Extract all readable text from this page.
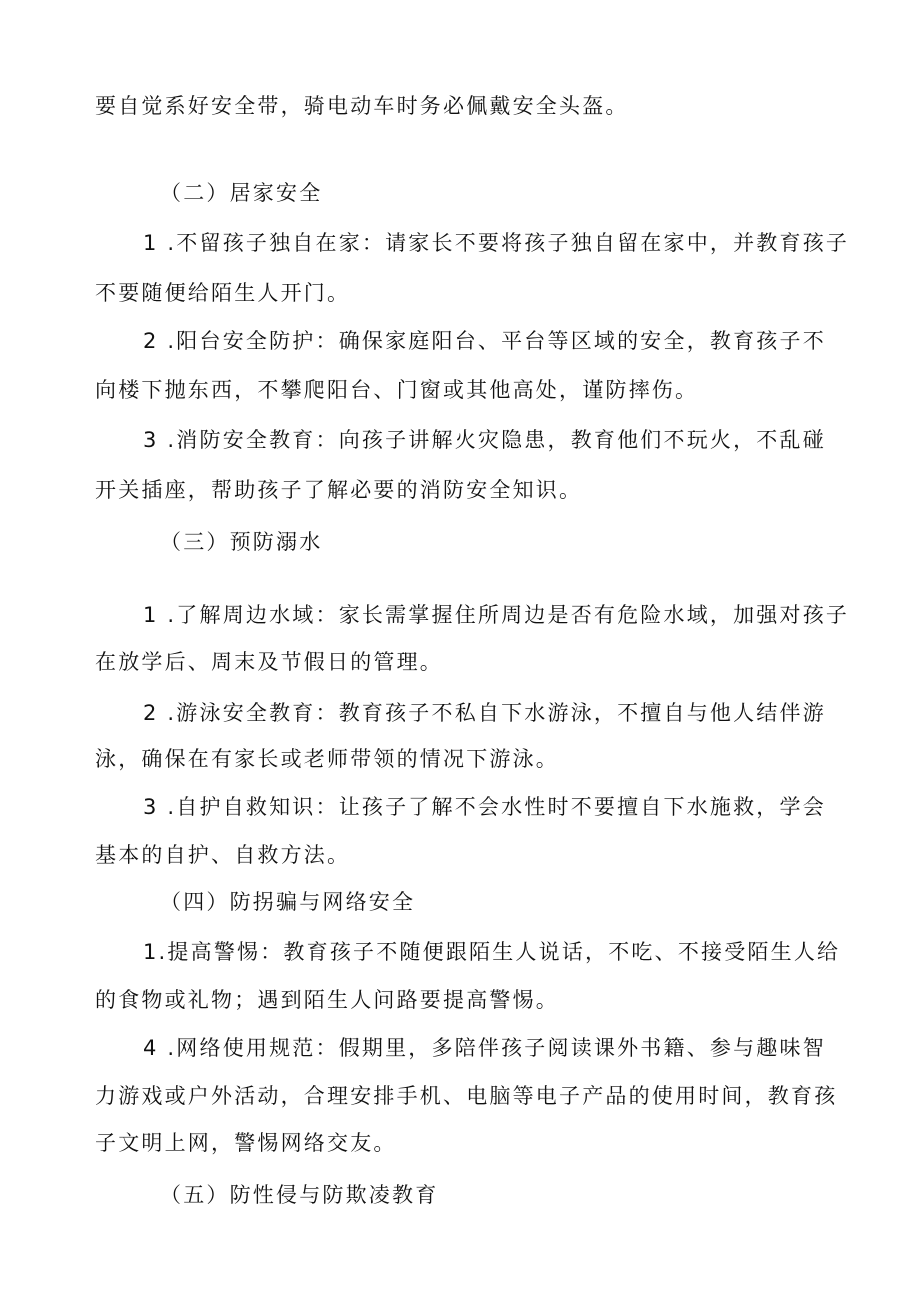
要自觉系好安全带，骑电动车时务必佩戴安全头盔。
（二）居家安全
1 .不留孩子独自在家：请家长不要将孩子独自留在家中，并教育孩子
不要随便给陌生人开门。
2 .阳台安全防护：确保家庭阳台、平台等区域的安全，教育孩子不
向楼下抛东西，不攀爬阳台、门窗或其他高处，谨防摔伤。
3 .消防安全教育：向孩子讲解火灾隐患，教育他们不玩火，不乱碰
开关插座，帮助孩子了解必要的消防安全知识。
（三）预防溺水
1 .了解周边水域：家长需掌握住所周边是否有危险水域，加强对孩子
在放学后、周末及节假日的管理。
2 .游泳安全教育：教育孩子不私自下水游泳，不擅自与他人结伴游
泳，确保在有家长或老师带领的情况下游泳。
3 .自护自救知识：让孩子了解不会水性时不要擅自下水施救，学会
基本的自护、自救方法。
（四）防拐骗与网络安全
1.提高警惕：教育孩子不随便跟陌生人说话，不吃、不接受陌生人给
的食物或礼物；遇到陌生人问路要提高警惕。
4 .网络使用规范：假期里，多陪伴孩子阅读课外书籍、参与趣味智
力游戏或户外活动，合理安排手机、电脑等电子产品的使用时间，教育孩
子文明上网，警惕网络交友。
（五）防性侵与防欺凌教育
